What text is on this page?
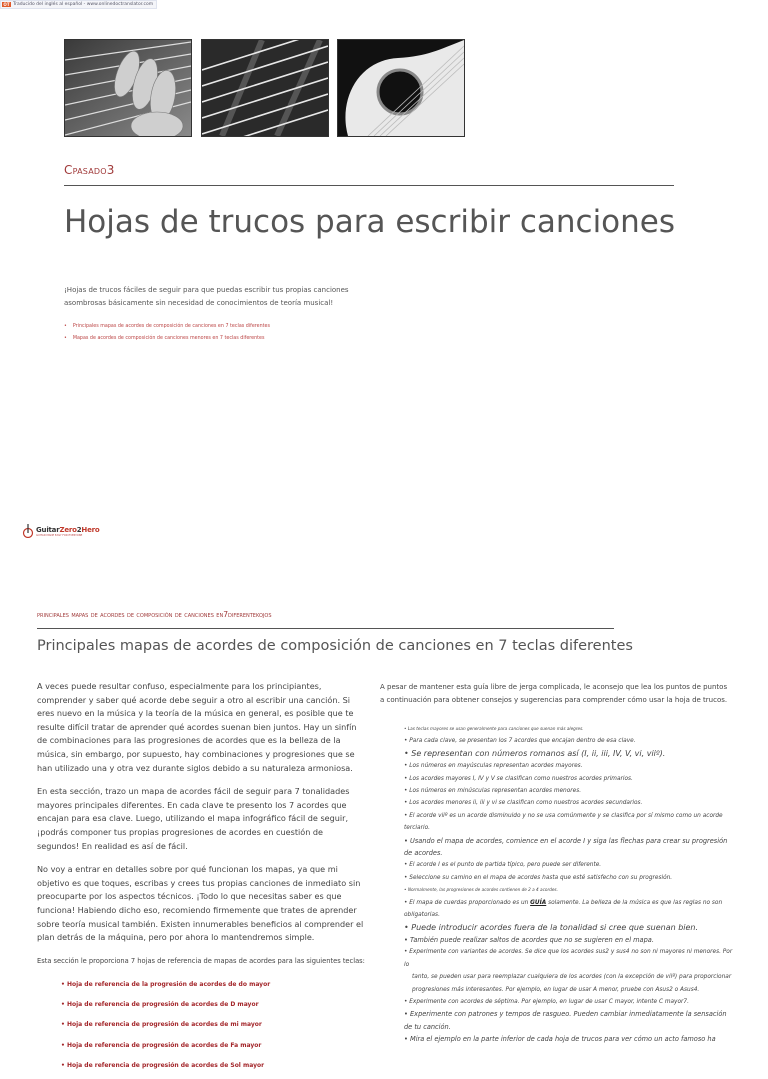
OT Traducido del inglés al español - www.onlinedoctranslator.com
Cpasado3
Hojas de trucos para escribir canciones
¡Hojas de trucos fáciles de seguir para que puedas escribir tus propias canciones asombrosas básicamente sin necesidad de conocimientos de teoría musical!
• Principales mapas de acordes de composición de canciones en 7 teclas diferentes
• Mapas de acordes de composición de canciones menores en 7 teclas diferentes
GuitarZero2Hero
GUITAR MADE EASY FOR EVERYONE
principales mapas de acordes de composición de canciones en7diferentekojos
Principales mapas de acordes de composición de canciones en 7 teclas diferentes

A veces puede resultar confuso, especialmente para los principiantes, comprender y saber qué acorde debe seguir a otro al escribir una canción. Si eres nuevo en la música y la teoría de la música en general, es posible que te resulte difícil tratar de aprender qué acordes suenan bien juntos. Hay un sinfín de combinaciones para las progresiones de acordes que es la belleza de la música, sin embargo, por supuesto, hay combinaciones y progresiones que se han utilizado una y otra vez durante siglos debido a su naturaleza armoniosa.

En esta sección, trazo un mapa de acordes fácil de seguir para 7 tonalidades mayores principales diferentes. En cada clave te presento los 7 acordes que encajan para esa clave. Luego, utilizando el mapa infográfico fácil de seguir, ¡podrás componer tus propias progresiones de acordes en cuestión de segundos! En realidad es así de fácil.

No voy a entrar en detalles sobre por qué funcionan los mapas, ya que mi objetivo es que toques, escribas y crees tus propias canciones de inmediato sin preocuparte por los aspectos técnicos. ¡Todo lo que necesitas saber es que funciona! Habiendo dicho eso, recomiendo firmemente que trates de aprender sobre teoría musical también. Existen innumerables beneficios al comprender el plan detrás de la máquina, pero por ahora lo mantendremos simple.

Esta sección le proporciona 7 hojas de referencia de mapas de acordes para las siguientes teclas:

• Hoja de referencia de la progresión de acordes de do mayor
• Hoja de referencia de progresión de acordes de D mayor
• Hoja de referencia de progresión de acordes de mi mayor
• Hoja de referencia de progresión de acordes de Fa mayor
• Hoja de referencia de progresión de acordes de Sol mayor
A pesar de mantener esta guía libre de jerga complicada, le aconsejo que lea los puntos de puntos a continuación para obtener consejos y sugerencias para comprender cómo usar la hoja de trucos.
• Las teclas mayores se usan generalmente para canciones que suenan más alegres.
• Para cada clave, se presentan los 7 acordes que encajan dentro de esa clave.
• Se representan con números romanos así (I, ii, iii, IV, V, vi, viiº).
• Los números en mayúsculas representan acordes mayores.
• Los acordes mayores I, IV y V se clasifican como nuestros acordes primarios.
• Los números en minúsculas representan acordes menores.
• Los acordes menores ii, iii y vi se clasifican como nuestros acordes secundarios.
• El acorde viiº es un acorde disminuido y no se usa comúnmente y se clasifica por sí mismo como un acorde terciario.
• Usando el mapa de acordes, comience en el acorde I y siga las flechas para crear su progresión de acordes.
• El acorde I es el punto de partida típico, pero puede ser diferente.
• Seleccione su camino en el mapa de acordes hasta que esté satisfecho con su progresión.
• Normalmente, las progresiones de acordes contienen de 2 a 4 acordes.
• El mapa de cuerdas proporcionado es un GUÍA solamente. La belleza de la música es que las reglas no son obligatorias.
• Puede introducir acordes fuera de la tonalidad si cree que suenan bien.
• También puede realizar saltos de acordes que no se sugieren en el mapa.
• Experimente con variantes de acordes. Se dice que los acordes sus2 y sus4 no son ni mayores ni menores. Por lo
tanto, se pueden usar para reemplazar cualquiera de los acordes (con la excepción de viiº) para proporcionar
progresiones más interesantes. Por ejemplo, en lugar de usar A menor, pruebe con Asus2 o Asus4.
• Experimente con acordes de séptima. Por ejemplo, en lugar de usar C mayor, intente C mayor7.
• Experimente con patrones y tempos de rasgueo. Pueden cambiar inmediatamente la sensación de tu canción.
• Mira el ejemplo en la parte inferior de cada hoja de trucos para ver cómo un acto famoso ha
